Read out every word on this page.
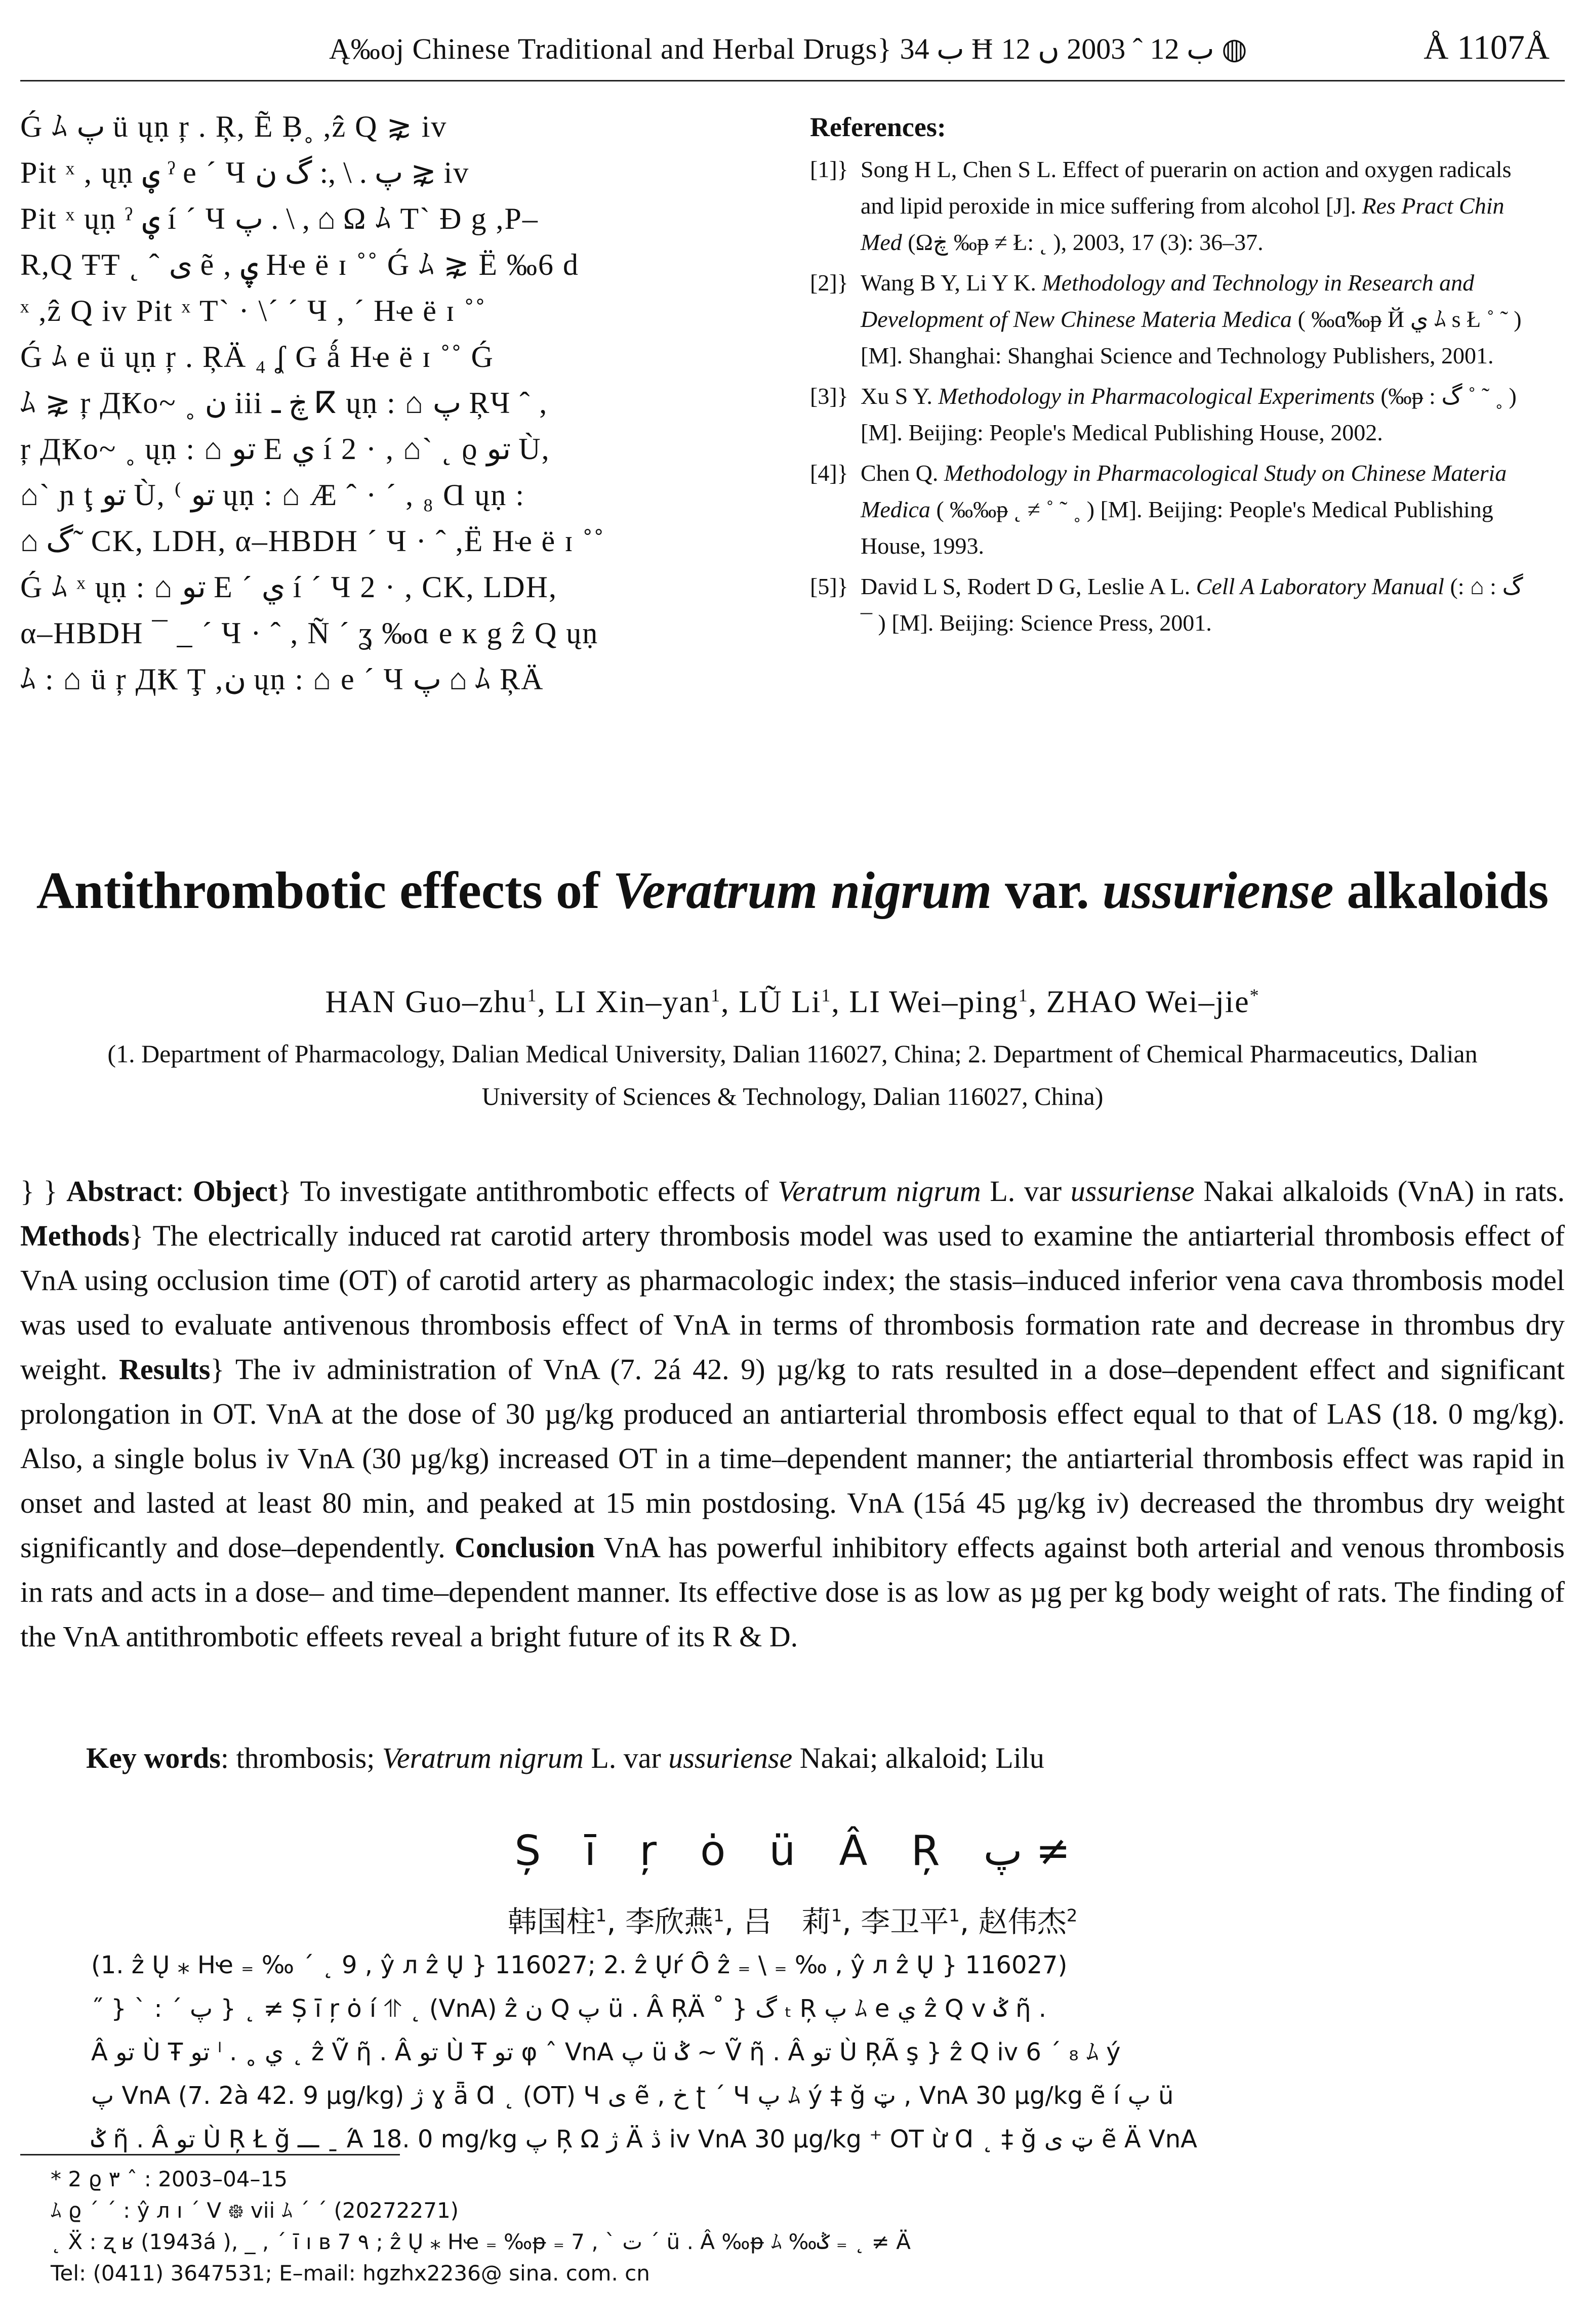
Ą‰oj Chinese Traditional and Herbal Drugs} ب 34 Ħ ب 12 ˆ 2003 ں 12 ◍	Å 1107Å

Ǵ ﾑ پ ü ųṇ ŗ . Ŗ, Ẽ Ḅ˳ ,ẑ Q ⋧ iv

Pit ˣ , ųṇ ؠ ˀ e ´ Ч پ . \ ,: گ ن ⋧ iv

Pit ˣ ųṇ ˀ ؠ í ´ Ч پ . \ , ⌂ Ω ﾑ T` Ɖ g ,P–

R,Q ŦŦ ˛ ˆ ى ẽ , ۑ Hҽ ë ɪ ˚˚ Ǵ ﾑ ⋧ Ë ‰6 d

ˣ ,ẑ Q iv Pit ˣ T` · \´ ´ Ч , ´ Hҽ ë ɪ ˚˚

Ǵ ﾑ e ü ųṇ ŗ . ŖÄ ₄ ʆ G ǻ Hҽ ë ɪ ˚˚ Ǵ

ﾑ ⋧ ŗ ДҞo~ ˳ ن iii ڿ ـ ⴽ ųṇ : ⌂ پ ŖЧ ˆ ,

ŗ ДҞo~ ˳ ųṇ : ⌂ تو E ي í 2 · , ⌂` ˛ ϱ تو Ù,

⌂` ɲ ţ تو Ù, ⁽ تو ųṇ : ⌂ Æ ˆ · ´ , ₈ Ɑ ųṇ :

⌂ گ˜ CK, LDH, α–HBDH ´ Ч · ˆ ,Ë Hҽ ë ɪ ˚˚

Ǵ ﾑ ˣ ųṇ : ⌂ تو E ´ ي í ´ Ч 2 · , CK, LDH,

α–HBDH ¯ _ ´ Ч · ˆ , Ñ ´ ʓ ‰ɑ e ĸ g ẑ Q ųṇ

ﾑ : ⌂ ü ŗ ДҞ Ţ ,ن ųṇ : ⌂ e ´ Ч پ ⌂ ﾑ ŖÄ

References:
[1]} Song H L, Chen S L. Effect of puerarin on action and oxygen radicals and lipid peroxide in mice suffering from alcohol [J]. Res Pract Chin Med (Ωڿ ‰ᵽ ≠ Ł: ˛ ), 2003, 17 (3): 36–37.
[2]} Wang B Y, Li Y K. Methodology and Technology in Research and Development of New Chinese Materia Medica ( ‰ɑ̃‰ᵽ Й ي ﾑ s Ł ˚ ˜ ) [M]. Shanghai: Shanghai Science and Technology Publishers, 2001.
[3]} Xu S Y. Methodology in Pharmacological Experiments (‰ᵽ : گ ˚ ˜ ˳ ) [M]. Beijing: People's Medical Publishing House, 2002.
[4]} Chen Q. Methodology in Pharmacological Study on Chinese Materia Medica ( ‰‰ᵽ ˛ ≠ ˚ ˜ ˳ ) [M]. Beijing: People's Medical Publishing House, 1993.
[5]} David L S, Rodert D G, Leslie A L. Cell A Laboratory Manual (: ⌂ : گ ¯ ) [M]. Beijing: Science Press, 2001.
Antithrombotic effects of Veratrum nigrum var. ussuriense alkaloids
HAN Guo–zhu$^1$, LI Xin–yan$^1$, LŨ Li$^1$, LI Wei–ping$^1$, ZHAO Wei–jie*
(1. Department of Pharmacology, Dalian Medical University, Dalian 116027, China; 2. Department of Chemical Pharmaceutics, Dalian University of Sciences & Technology, Dalian 116027, China)
} } Abstract: Object} To investigate antithrombotic effects of Veratrum nigrum L. var ussuriense Nakai alkaloids (VnA) in rats. Methods} The electrically induced rat carotid artery thrombosis model was used to examine the antiarterial thrombosis effect of VnA using occlusion time (OT) of carotid artery as pharmacologic index; the stasis–induced inferior vena cava thrombosis model was used to evaluate antivenous thrombosis effect of VnA in terms of thrombosis formation rate and decrease in thrombus dry weight. Results} The iv administration of VnA (7. 2á 42. 9) µg/kg to rats resulted in a dose–dependent effect and significant prolongation in OT. VnA at the dose of 30 µg/kg produced an antiarterial thrombosis effect equal to that of LAS (18. 0 mg/kg). Also, a single bolus iv VnA (30 µg/kg) increased OT in a time–dependent manner; the antiarterial thrombosis effect was rapid in onset and lasted at least 80 min, and peaked at 15 min postdosing. VnA (15á 45 µg/kg iv) decreased the thrombus dry weight significantly and dose–dependently. Conclusion VnA has powerful inhibitory effects against both arterial and venous thrombosis in rats and acts in a dose– and time–dependent manner. Its effective dose is as low as µg per kg body weight of rats. The finding of the VnA antithrombotic effeets reveal a bright future of its R & D.
Key words: thrombosis; Veratrum nigrum L. var ussuriense Nakai; alkaloid; Lilu
Ș ī ŗ ȯ ü Â Ŗ پ ≠
韩国柱$^1$, 李欣燕$^1$, 吕　莉$^1$, 李卫平$^1$, 赵伟杰$^2$

(1. ẑ Ų ⁎ Hҽ ₌ ‰ ˊ ˛ 9 , ŷ л ẑ Ų } 116027; 2. ẑ Ųŕ Ȏ ẑ ₌ \ ₌ ‰ , ŷ л ẑ Ų } 116027)

˝ } ` : ˊ پ } ˛ ≠ Ș ī ŗ ȯ í ⥣ ˛ (VnA) ẑ ن Q پ ü . Â ŖÄ ˚ } گ ₜ Ŗ پ ﾑ e ي ẑ Q v ݣ ῆ .

Â تو Ù Ŧ تو ˡ . ˳ ي ˛ ẑ Ṽ ῆ . Â تو Ù Ŧ تو φ ˆ VnA پ ü ݣ ~ Ṽ ῆ . Â تو Ù ŖÃ ş } ẑ Q iv 6 ´ ₈ ﾑ ý

پ VnA (7. 2à 42. 9 µg/kg) ژ ɣ ǟ Ɑ ˛ (OT) Ч ى ẽ , ﺥ ʈ ´ Ч پ ﾑ ý ‡ ğ ټ , VnA 30 µg/kg ẽ í پ ü

ݣ ῆ . Â تو Ù Ŗ Ł ğ ـــ ˍ Ά 18. 0 mg/kg پ Ŗ Ω ژ Ä ڎ iv VnA 30 µg/kg ⁺ OT ừ Ɑ ˛ ‡ ğ ټ ى ẽ Ä VnA

* 2 ϱ ٣ ˆ : 2003–04–15

ﾑ ϱ ´ ˊ : ŷ л ı ´ V ᪥ vii ﾑ ´ ˊ (20272271)

˛ Ẍ : ʐ ʁ (1943á ), _ , ´ ī ı ʙ 7 ٩ ; ẑ Ų ⁎ Hҽ ₌ ‰ᵽ ₌ 7 , ` ت ´ ü . Â ‰ᵽ ﾑ ‰ݣ ₌ ˛ ≠ Ä

Tel: (0411) 3647531; E–mail: hgzhx2236@ sina. com. cn
